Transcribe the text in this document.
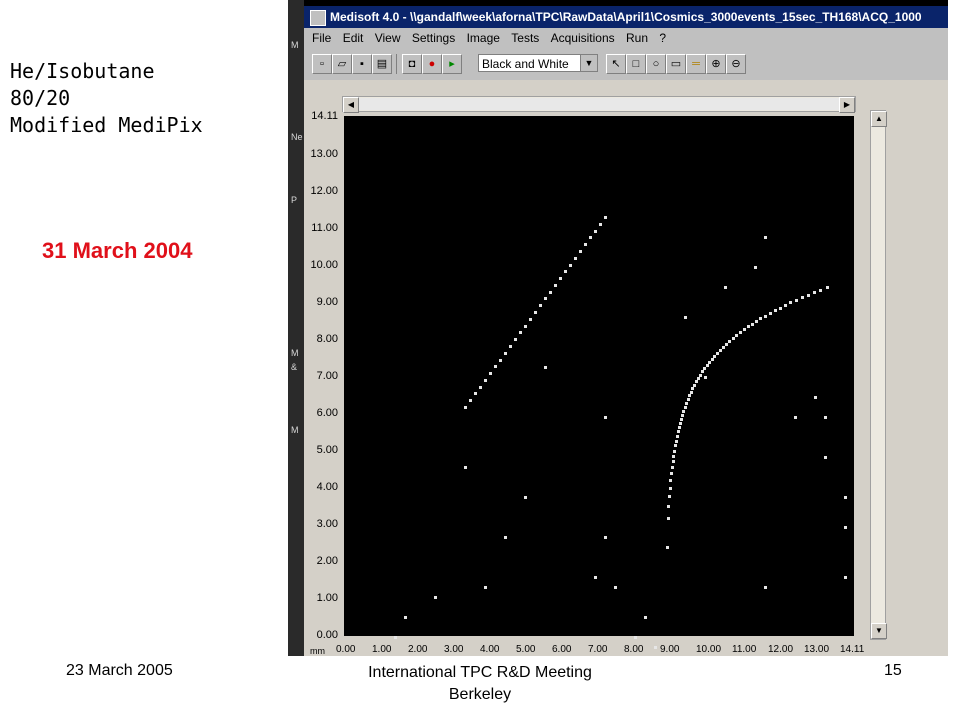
He/Isobutane
80/20
Modified MediPix
31 March 2004
23 March 2005	International TPC R&D Meeting
Berkeley
15
M
Ne
P
M
&
M
Medisoft 4.0 - \\gandalf\week\aforna\TPC\RawData\April1\Cosmics_3000events_15sec_TH168\ACQ_1000
File Edit View Settings Image Tests Acquisitions Run ?
▫	▱	▪	▤	◘	●	▸	Black and White	▼	↖	□	○	▭ ═	⊕ ⊖
◀	▶
▲
▼
14.11
13.00
12.00
11.00
10.00
9.00
8.00
7.00
6.00
5.00
4.00
3.00
2.00
1.00
0.00
mm 0.00 1.00 2.00 3.00 4.00 5.00 6.00 7.00 8.00 9.00 10.00 11.00 12.00 13.00 14.11
